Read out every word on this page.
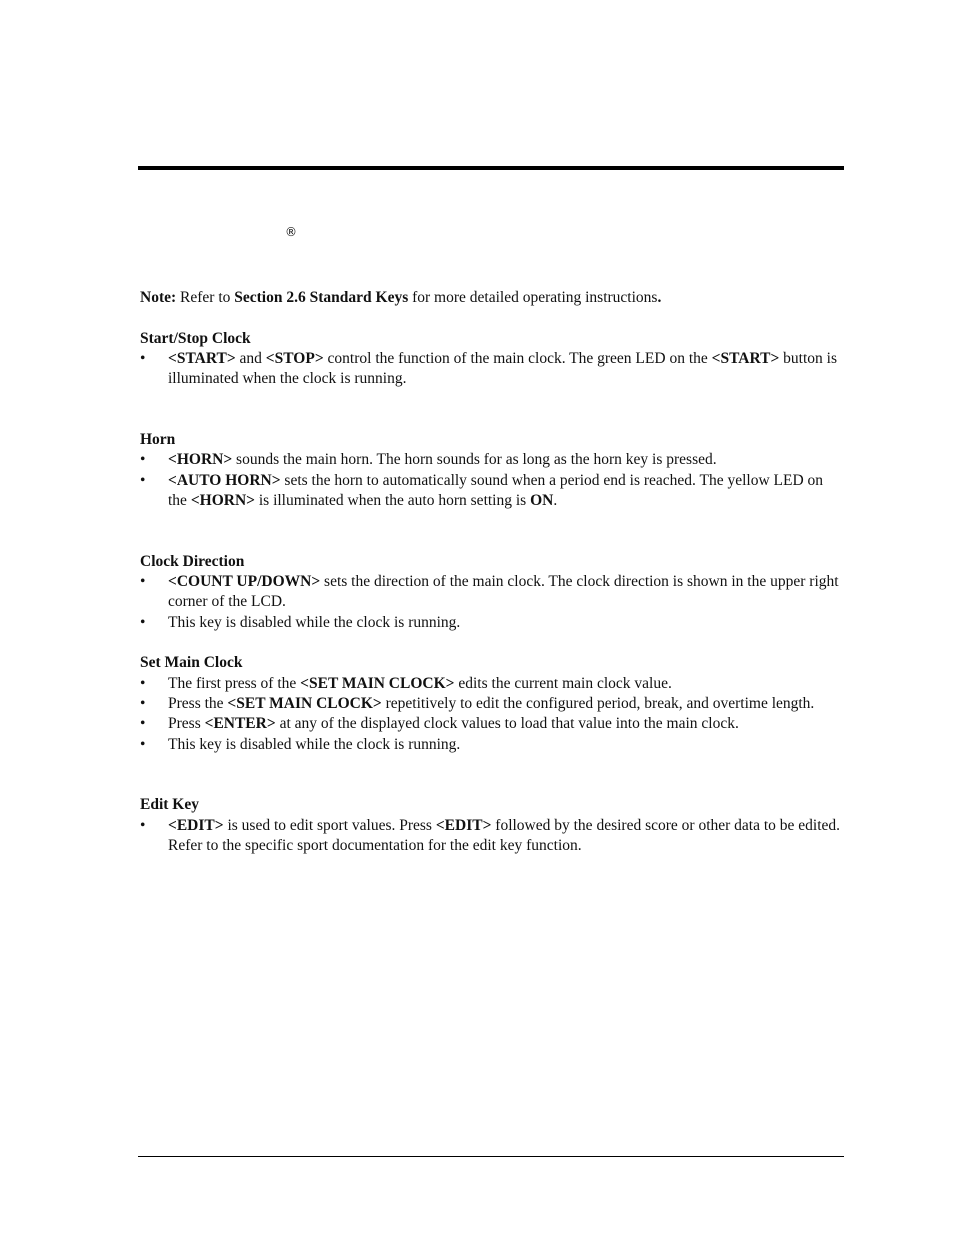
®

Note: Refer to Section 2.6 Standard Keys for more detailed operating instructions.

Start/Stop Clock

•	<START> and <STOP> control the function of the main clock. The green LED on the <START> button is illuminated when the clock is running.

Horn

•	<HORN> sounds the main horn. The horn sounds for as long as the horn key is pressed.
•	<AUTO HORN> sets the horn to automatically sound when a period end is reached. The yellow LED on the <HORN> is illuminated when the auto horn setting is ON.

Clock Direction

•	<COUNT UP/DOWN> sets the direction of the main clock. The clock direction is shown in the upper right corner of the LCD.
•	This key is disabled while the clock is running.

Set Main Clock

•	The first press of the <SET MAIN CLOCK> edits the current main clock value.
•	Press the <SET MAIN CLOCK> repetitively to edit the configured period, break, and overtime length.
•	Press <ENTER> at any of the displayed clock values to load that value into the main clock.
•	This key is disabled while the clock is running.

Edit Key

•	<EDIT> is used to edit sport values. Press <EDIT> followed by the desired score or other data to be edited.  Refer to the specific sport documentation for the edit key function.
